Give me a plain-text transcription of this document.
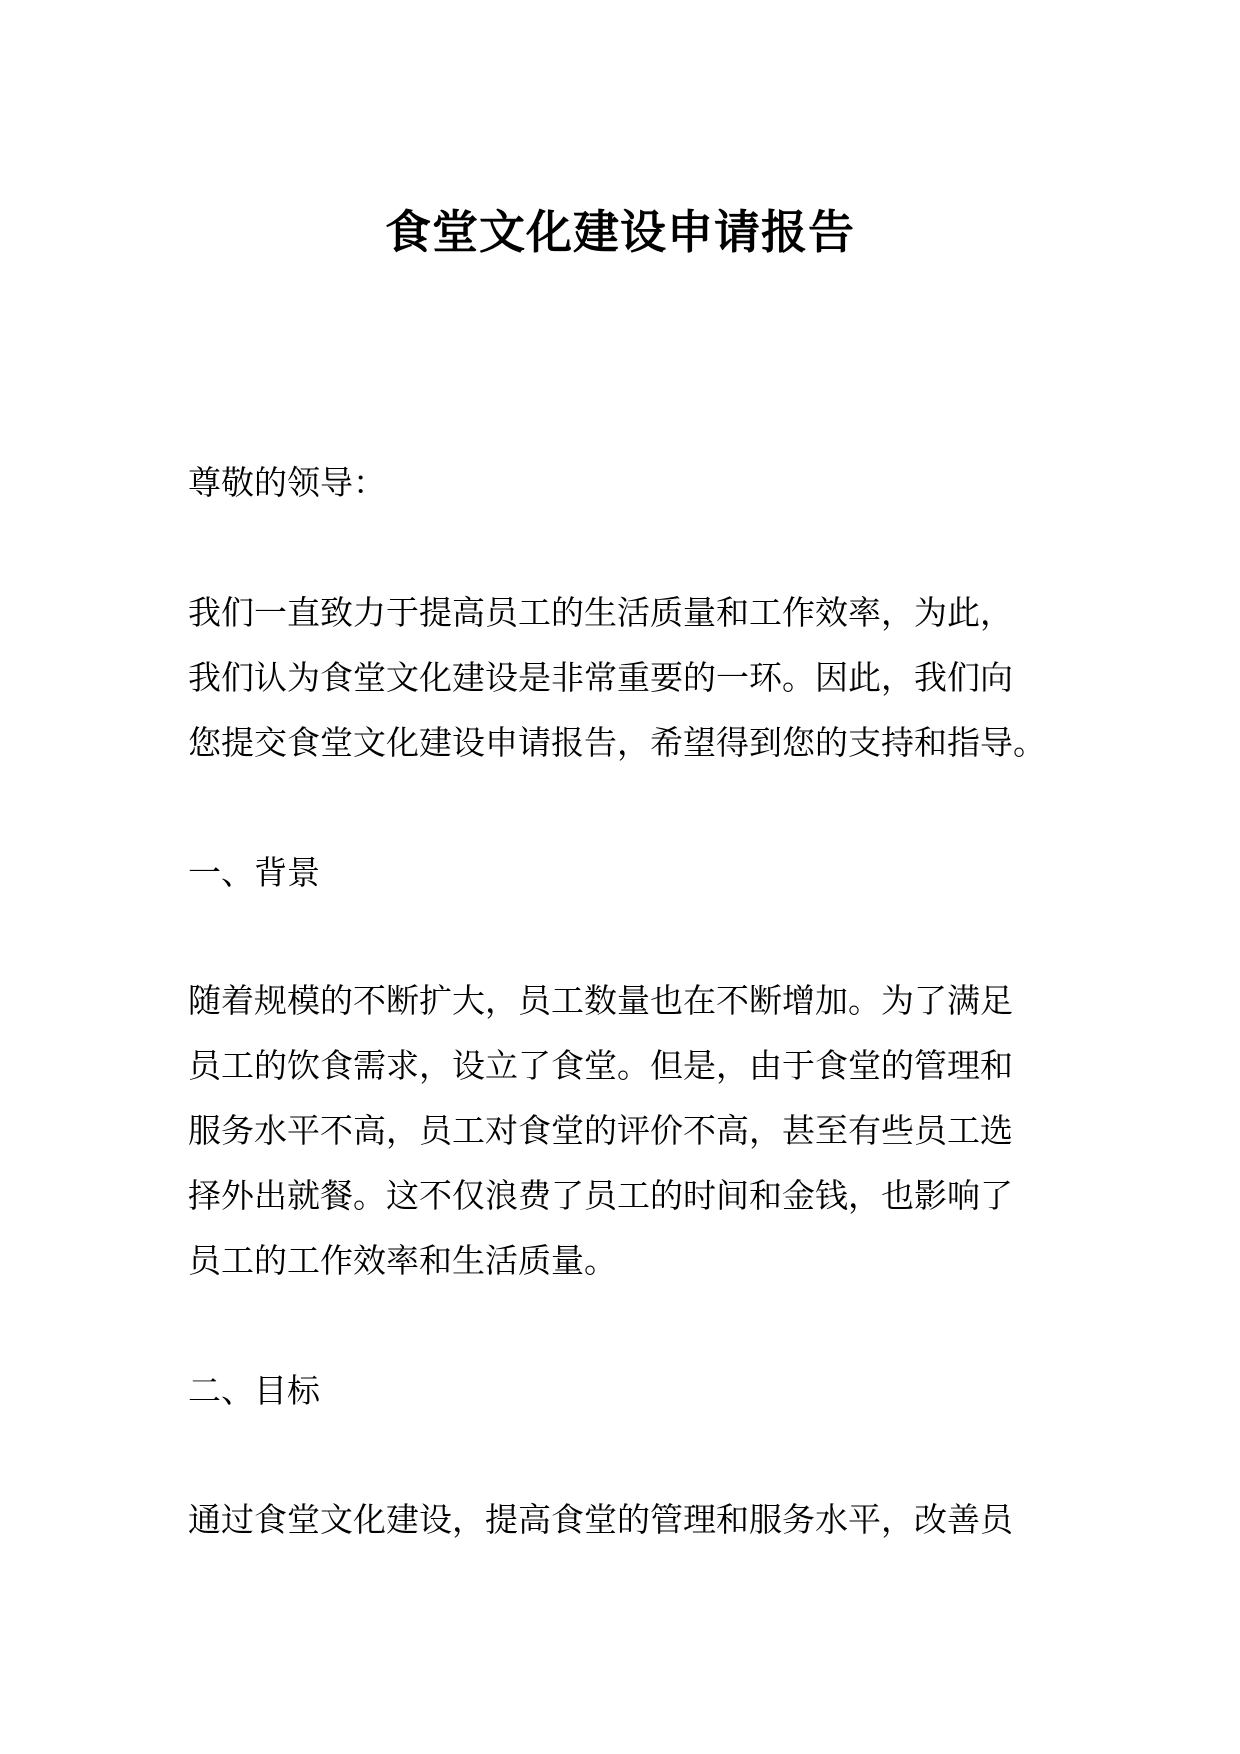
食堂文化建设申请报告
尊敬的领导：
我们一直致力于提高员工的生活质量和工作效率，为此，
我们认为食堂文化建设是非常重要的一环。因此，我们向
您提交食堂文化建设申请报告，希望得到您的支持和指导。
一、背景
随着规模的不断扩大，员工数量也在不断增加。为了满足
员工的饮食需求，设立了食堂。但是，由于食堂的管理和
服务水平不高，员工对食堂的评价不高，甚至有些员工选
择外出就餐。这不仅浪费了员工的时间和金钱，也影响了
员工的工作效率和生活质量。
二、目标
通过食堂文化建设，提高食堂的管理和服务水平，改善员
